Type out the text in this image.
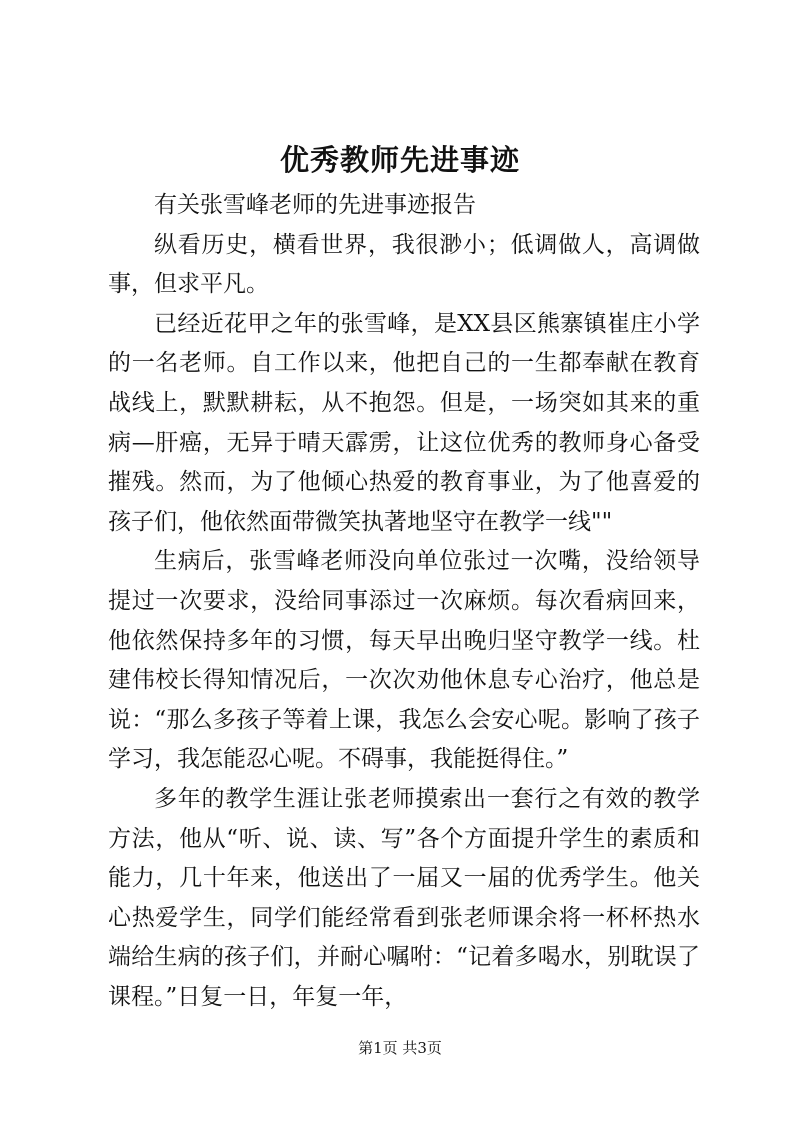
优秀教师先进事迹

有关张雪峰老师的先进事迹报告

纵看历史，横看世界，我很渺小；低调做人，高调做事，但求平凡。

已经近花甲之年的张雪峰，是XX县区熊寨镇崔庄小学的一名老师。自工作以来，他把自己的一生都奉献在教育战线上，默默耕耘，从不抱怨。但是，一场突如其来的重病—肝癌，无异于晴天霹雳，让这位优秀的教师身心备受摧残。然而，为了他倾心热爱的教育事业，为了他喜爱的孩子们，他依然面带微笑执著地坚守在教学一线""

生病后，张雪峰老师没向单位张过一次嘴，没给领导提过一次要求，没给同事添过一次麻烦。每次看病回来，他依然保持多年的习惯，每天早出晚归坚守教学一线。杜建伟校长得知情况后，一次次劝他休息专心治疗，他总是说：“那么多孩子等着上课，我怎么会安心呢。影响了孩子学习，我怎能忍心呢。不碍事，我能挺得住。”

多年的教学生涯让张老师摸索出一套行之有效的教学方法，他从“听、说、读、写”各个方面提升学生的素质和能力，几十年来，他送出了一届又一届的优秀学生。他关心热爱学生，同学们能经常看到张老师课余将一杯杯热水端给生病的孩子们，并耐心嘱咐：“记着多喝水，别耽误了课程。”日复一日，年复一年，

第1页 共3页
